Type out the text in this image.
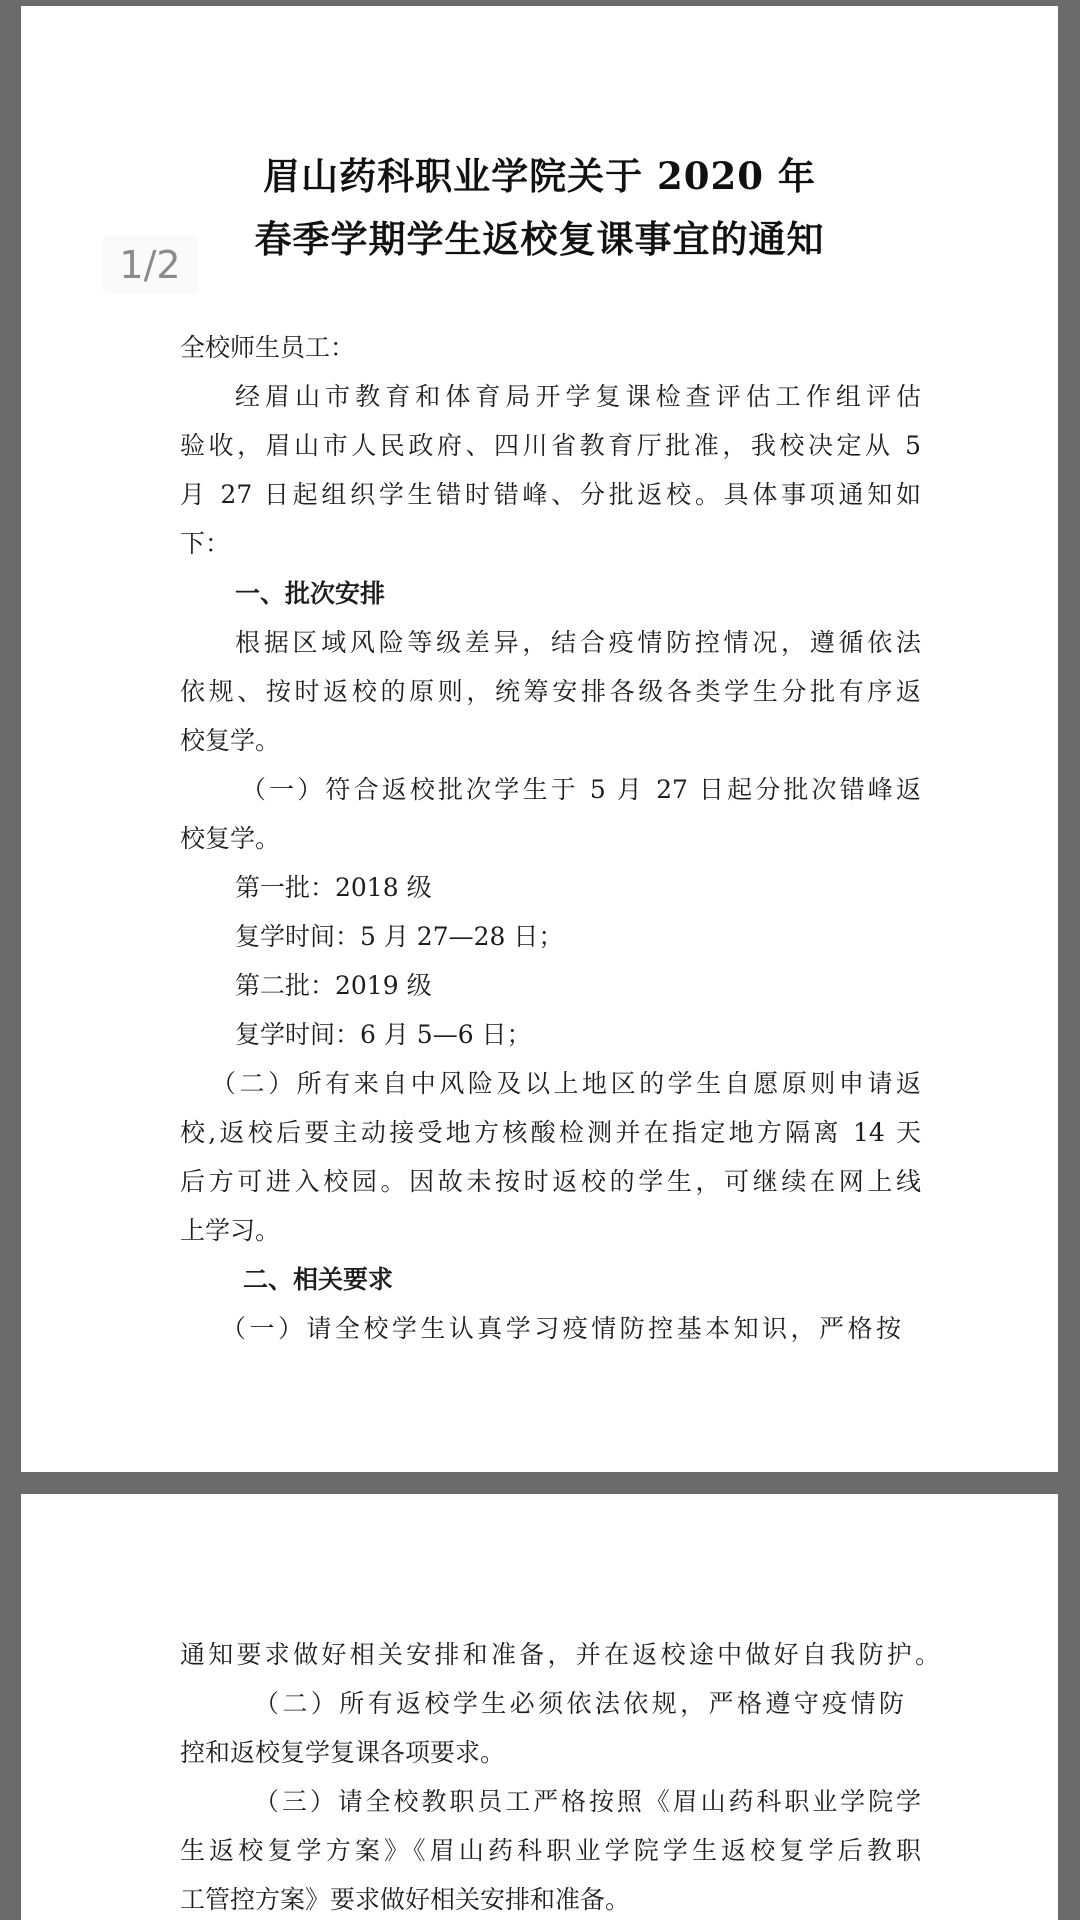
眉山药科职业学院关于 2020 年
春季学期学生返校复课事宜的通知
全校师生员工：
经眉山市教育和体育局开学复课检查评估工作组评估
验收，眉山市人民政府、四川省教育厅批准，我校决定从 5
月 27 日起组织学生错时错峰、分批返校。具体事项通知如
下：
一、批次安排
根据区域风险等级差异，结合疫情防控情况，遵循依法
依规、按时返校的原则，统筹安排各级各类学生分批有序返
校复学。
（一）符合返校批次学生于 5 月 27 日起分批次错峰返
校复学。
第一批：2018 级
复学时间：5 月 27—28 日；
第二批：2019 级
复学时间：6 月 5—6 日；
（二）所有来自中风险及以上地区的学生自愿原则申请返
校,返校后要主动接受地方核酸检测并在指定地方隔离 14 天
后方可进入校园。因故未按时返校的学生，可继续在网上线
上学习。
二、相关要求
（一）请全校学生认真学习疫情防控基本知识，严格按
1/2
通知要求做好相关安排和准备，并在返校途中做好自我防护。
（二）所有返校学生必须依法依规，严格遵守疫情防
控和返校复学复课各项要求。
（三）请全校教职员工严格按照《眉山药科职业学院学
生返校复学方案》《眉山药科职业学院学生返校复学后教职
工管控方案》要求做好相关安排和准备。
